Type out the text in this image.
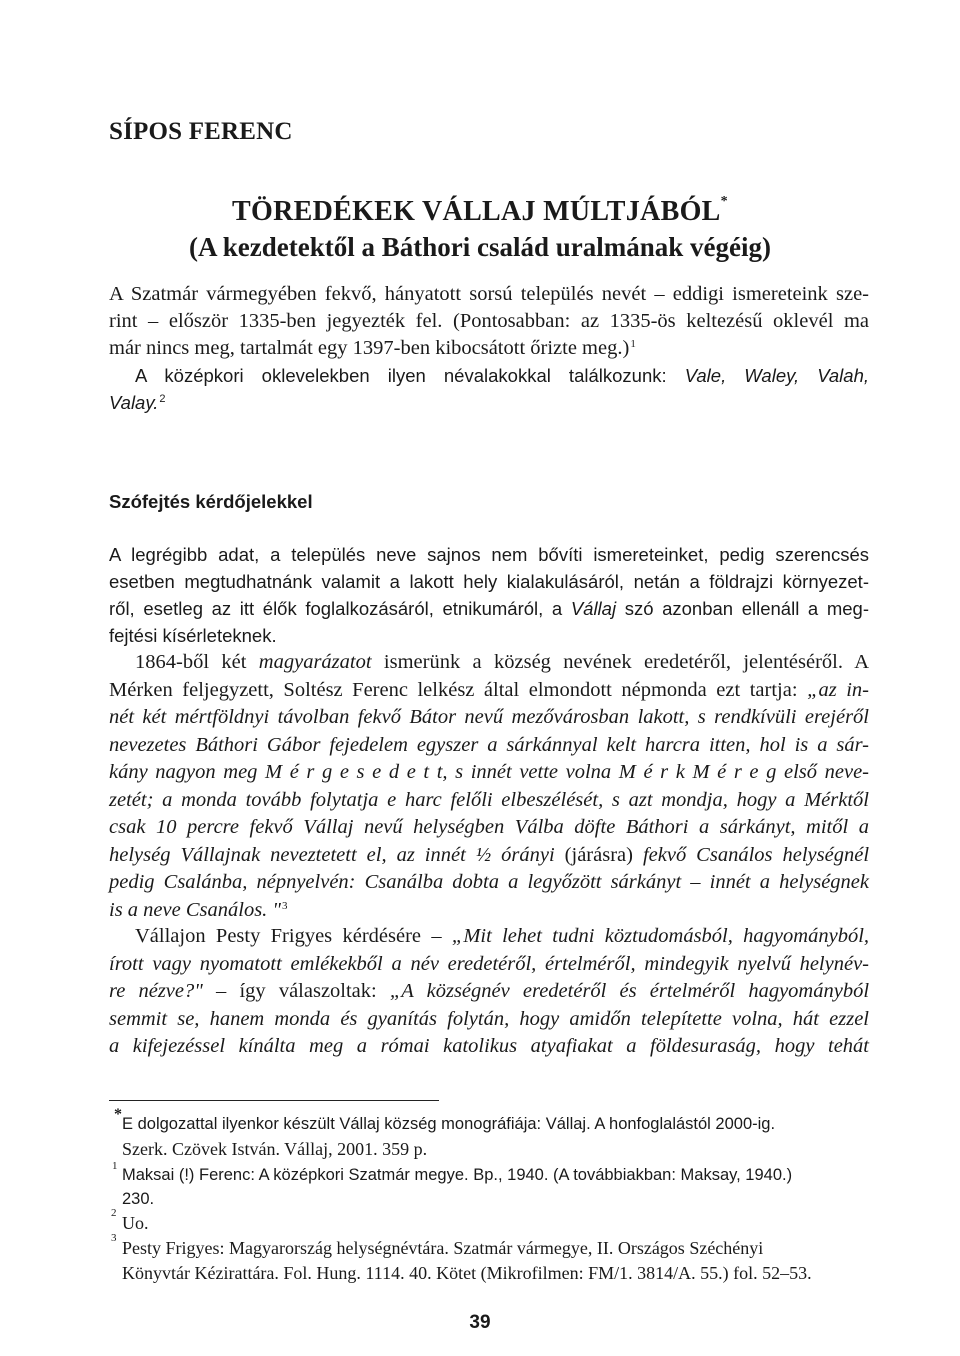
SÍPOS FERENC
TÖREDÉKEK VÁLLAJ MÚLTJÁBÓL*
(A kezdetektől a Báthori család uralmának végéig)
A Szatmár vármegyében fekvő, hányatott sorsú település nevét – eddigi ismereteink sze-
rint – először 1335-ben jegyezték fel. (Pontosabban: az 1335-ös keltezésű oklevél ma
már nincs meg, tartalmát egy 1397-ben kibocsátott őrizte meg.)$^1$
A középkori oklevelekben ilyen névalakokkal találkozunk: Vale, Waley, Valah,
Valay.$^2$
Szófejtés kérdőjelekkel
A legrégibb adat, a település neve sajnos nem bővíti ismereteinket, pedig szerencsés
esetben megtudhatnánk valamit a lakott hely kialakulásáról, netán a földrajzi környezet-
ről, esetleg az itt élők foglalkozásáról, etnikumáról, a Vállaj szó azonban ellenáll a meg-
fejtési kísérleteknek.
1864-ből két magyarázatot ismerünk a község nevének eredetéről, jelentéséről. A
Mérken feljegyzett, Soltész Ferenc lelkész által elmondott népmonda ezt tartja: „az in-
nét két mértföldnyi távolban fekvő Bátor nevű mezővárosban lakott, s rendkívüli erejéről
nevezetes Báthori Gábor fejedelem egyszer a sárkánnyal kelt harcra itten, hol is a sár-
kány nagyon meg M é r g e s e d e t t, s innét vette volna M é r k M é r e g első neve-
zetét; a monda tovább folytatja e harc felőli elbeszélését, s azt mondja, hogy a Mérktől
csak 10 percre fekvő Vállaj nevű helységben Válba döfte Báthori a sárkányt, mitől a
helység Vállajnak neveztetett el, az innét ½ órányi (járásra) fekvő Csanálos helységnél
pedig Csalánba, népnyelvén: Csanálba dobta a legyőzött sárkányt – innét a helységnek
is a neve Csanálos. "$^3$
Vállajon Pesty Frigyes kérdésére – „Mit lehet tudni köztudomásból, hagyományból,
írott vagy nyomatott emlékekből a név eredetéről, értelméről, mindegyik nyelvű helynév-
re nézve?" – így válaszoltak: „A községnév eredetéről és értelméről hagyományból
semmit se, hanem monda és gyanítás folytán, hogy amidőn telepítette volna, hát ezzel
a kifejezéssel kínálta meg a római katolikus atyafiakat a földesuraság, hogy tehát
*
E dolgozattal ilyenkor készült Vállaj község monográfiája: Vállaj. A honfoglalástól 2000-ig.
Szerk. Czövek István. Vállaj, 2001. 359 p.
1 Maksai (!) Ferenc: A középkori Szatmár megye. Bp., 1940. (A továbbiakban: Maksay, 1940.)
230.
2 Uo.
3 Pesty Frigyes: Magyarország helységnévtára. Szatmár vármegye, II. Országos Széchényi
Könyvtár Kézirattára. Fol. Hung. 1114. 40. Kötet (Mikrofilmen: FM/1. 3814/A. 55.) fol. 52–53.
39
